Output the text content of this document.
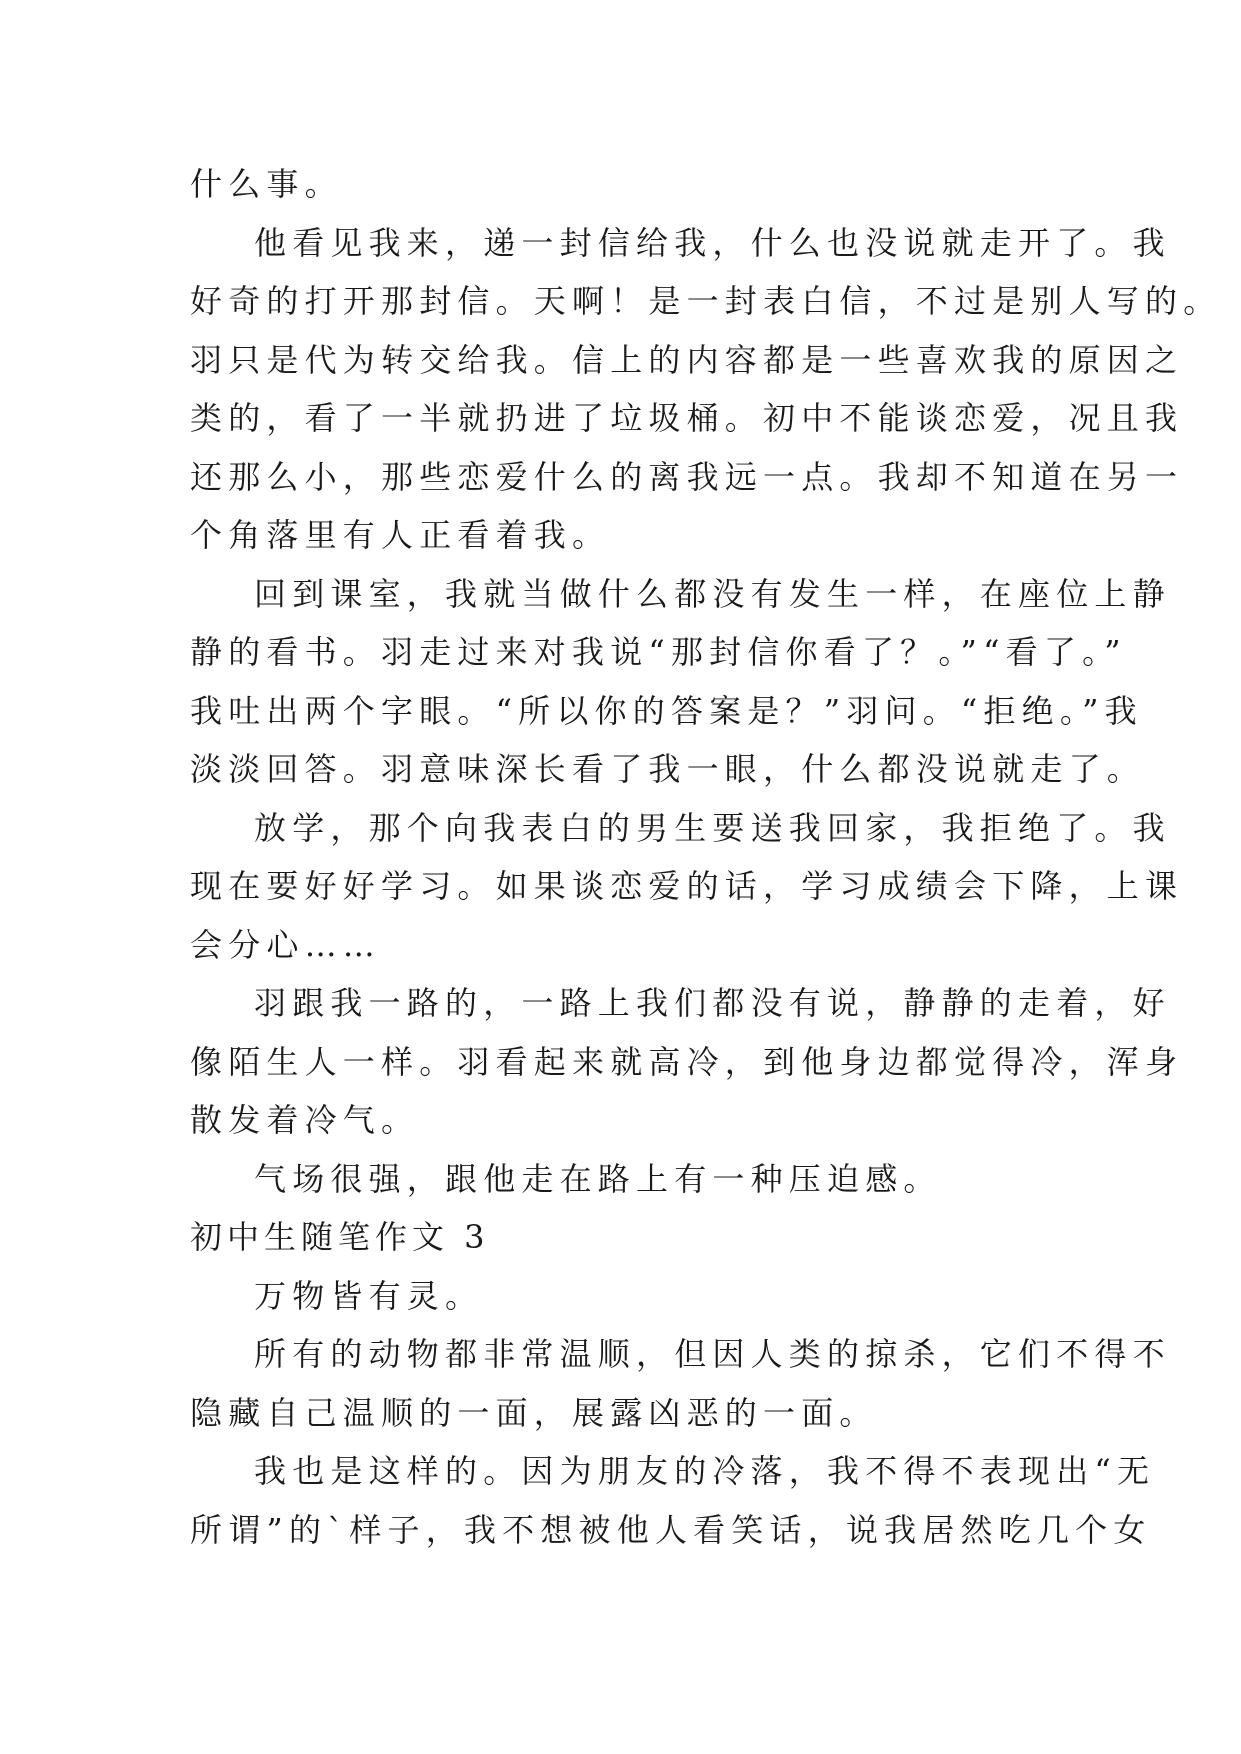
什么事。
他看见我来，递一封信给我，什么也没说就走开了。我
好奇的打开那封信。天啊！是一封表白信，不过是别人写的。
羽只是代为转交给我。信上的内容都是一些喜欢我的原因之
类的，看了一半就扔进了垃圾桶。初中不能谈恋爱，况且我
还那么小，那些恋爱什么的离我远一点。我却不知道在另一
个角落里有人正看着我。
回到课室，我就当做什么都没有发生一样，在座位上静
静的看书。羽走过来对我说“那封信你看了？。”“看了。”
我吐出两个字眼。“所以你的答案是？”羽问。“拒绝。”我
淡淡回答。羽意味深长看了我一眼，什么都没说就走了。
放学，那个向我表白的男生要送我回家，我拒绝了。我
现在要好好学习。如果谈恋爱的话，学习成绩会下降，上课
会分心……
羽跟我一路的，一路上我们都没有说，静静的走着，好
像陌生人一样。羽看起来就高冷，到他身边都觉得冷，浑身
散发着冷气。
气场很强，跟他走在路上有一种压迫感。
初中生随笔作文 3
万物皆有灵。
所有的动物都非常温顺，但因人类的掠杀，它们不得不
隐藏自己温顺的一面，展露凶恶的一面。
我也是这样的。因为朋友的冷落，我不得不表现出“无
所谓”的`样子，我不想被他人看笑话，说我居然吃几个女
